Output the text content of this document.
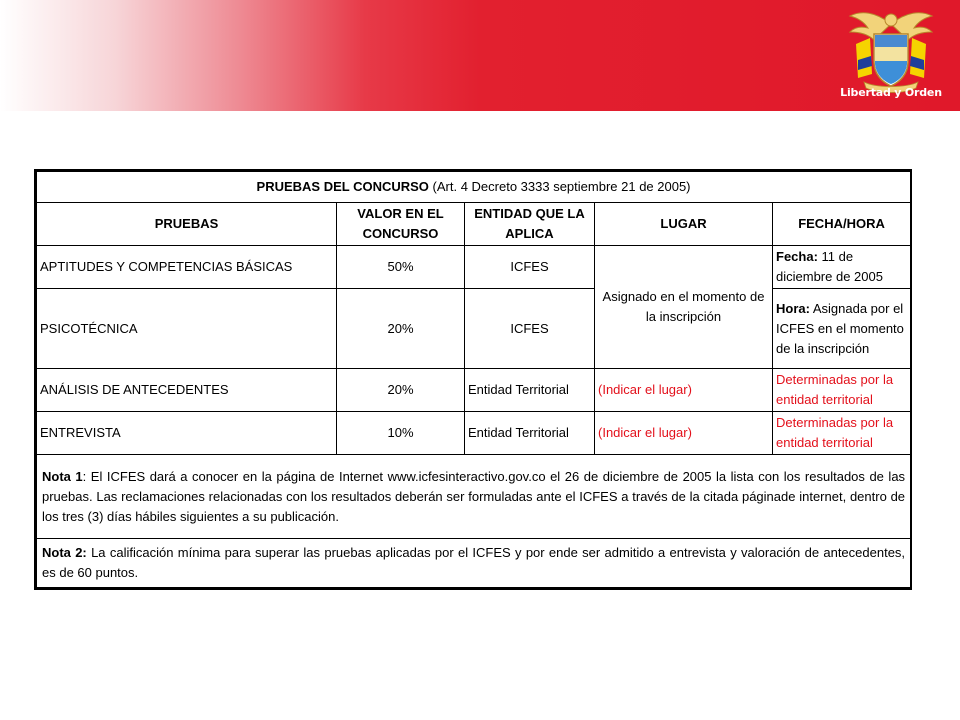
Libertad y Orden
PRUEBAS DEL CONCURSO (Art. 4 Decreto 3333 septiembre 21 de 2005)				
PRUEBAS	VALOR EN EL CONCURSO	ENTIDAD QUE LA APLICA	LUGAR	FECHA/HORA
APTITUDES Y COMPETENCIAS BÁSICAS	50%	ICFES	Asignado en el momento de la inscripción	Fecha: 11 de diciembre de 2005
PSICOTÉCNICA	20%	ICFES		Hora: Asignada por el ICFES en el momento de la inscripción
ANÁLISIS DE ANTECEDENTES	20%	Entidad Territorial	(Indicar el lugar)	Determinadas por la entidad territorial
ENTREVISTA	10%	Entidad Territorial	(Indicar el lugar)	Determinadas por la entidad territorial
Nota 1: El ICFES dará a conocer en la página de Internet www.icfesinteractivo.gov.co el 26 de diciembre de 2005 la lista con los resultados de las pruebas. Las reclamaciones relacionadas con los resultados deberán ser formuladas ante el ICFES a través de la citada páginade internet, dentro de los tres (3) días hábiles siguientes a su publicación.				
Nota 2: La calificación mínima para superar las pruebas aplicadas por el ICFES y por ende ser admitido a entrevista y valoración de antecedentes, es de 60 puntos.				
